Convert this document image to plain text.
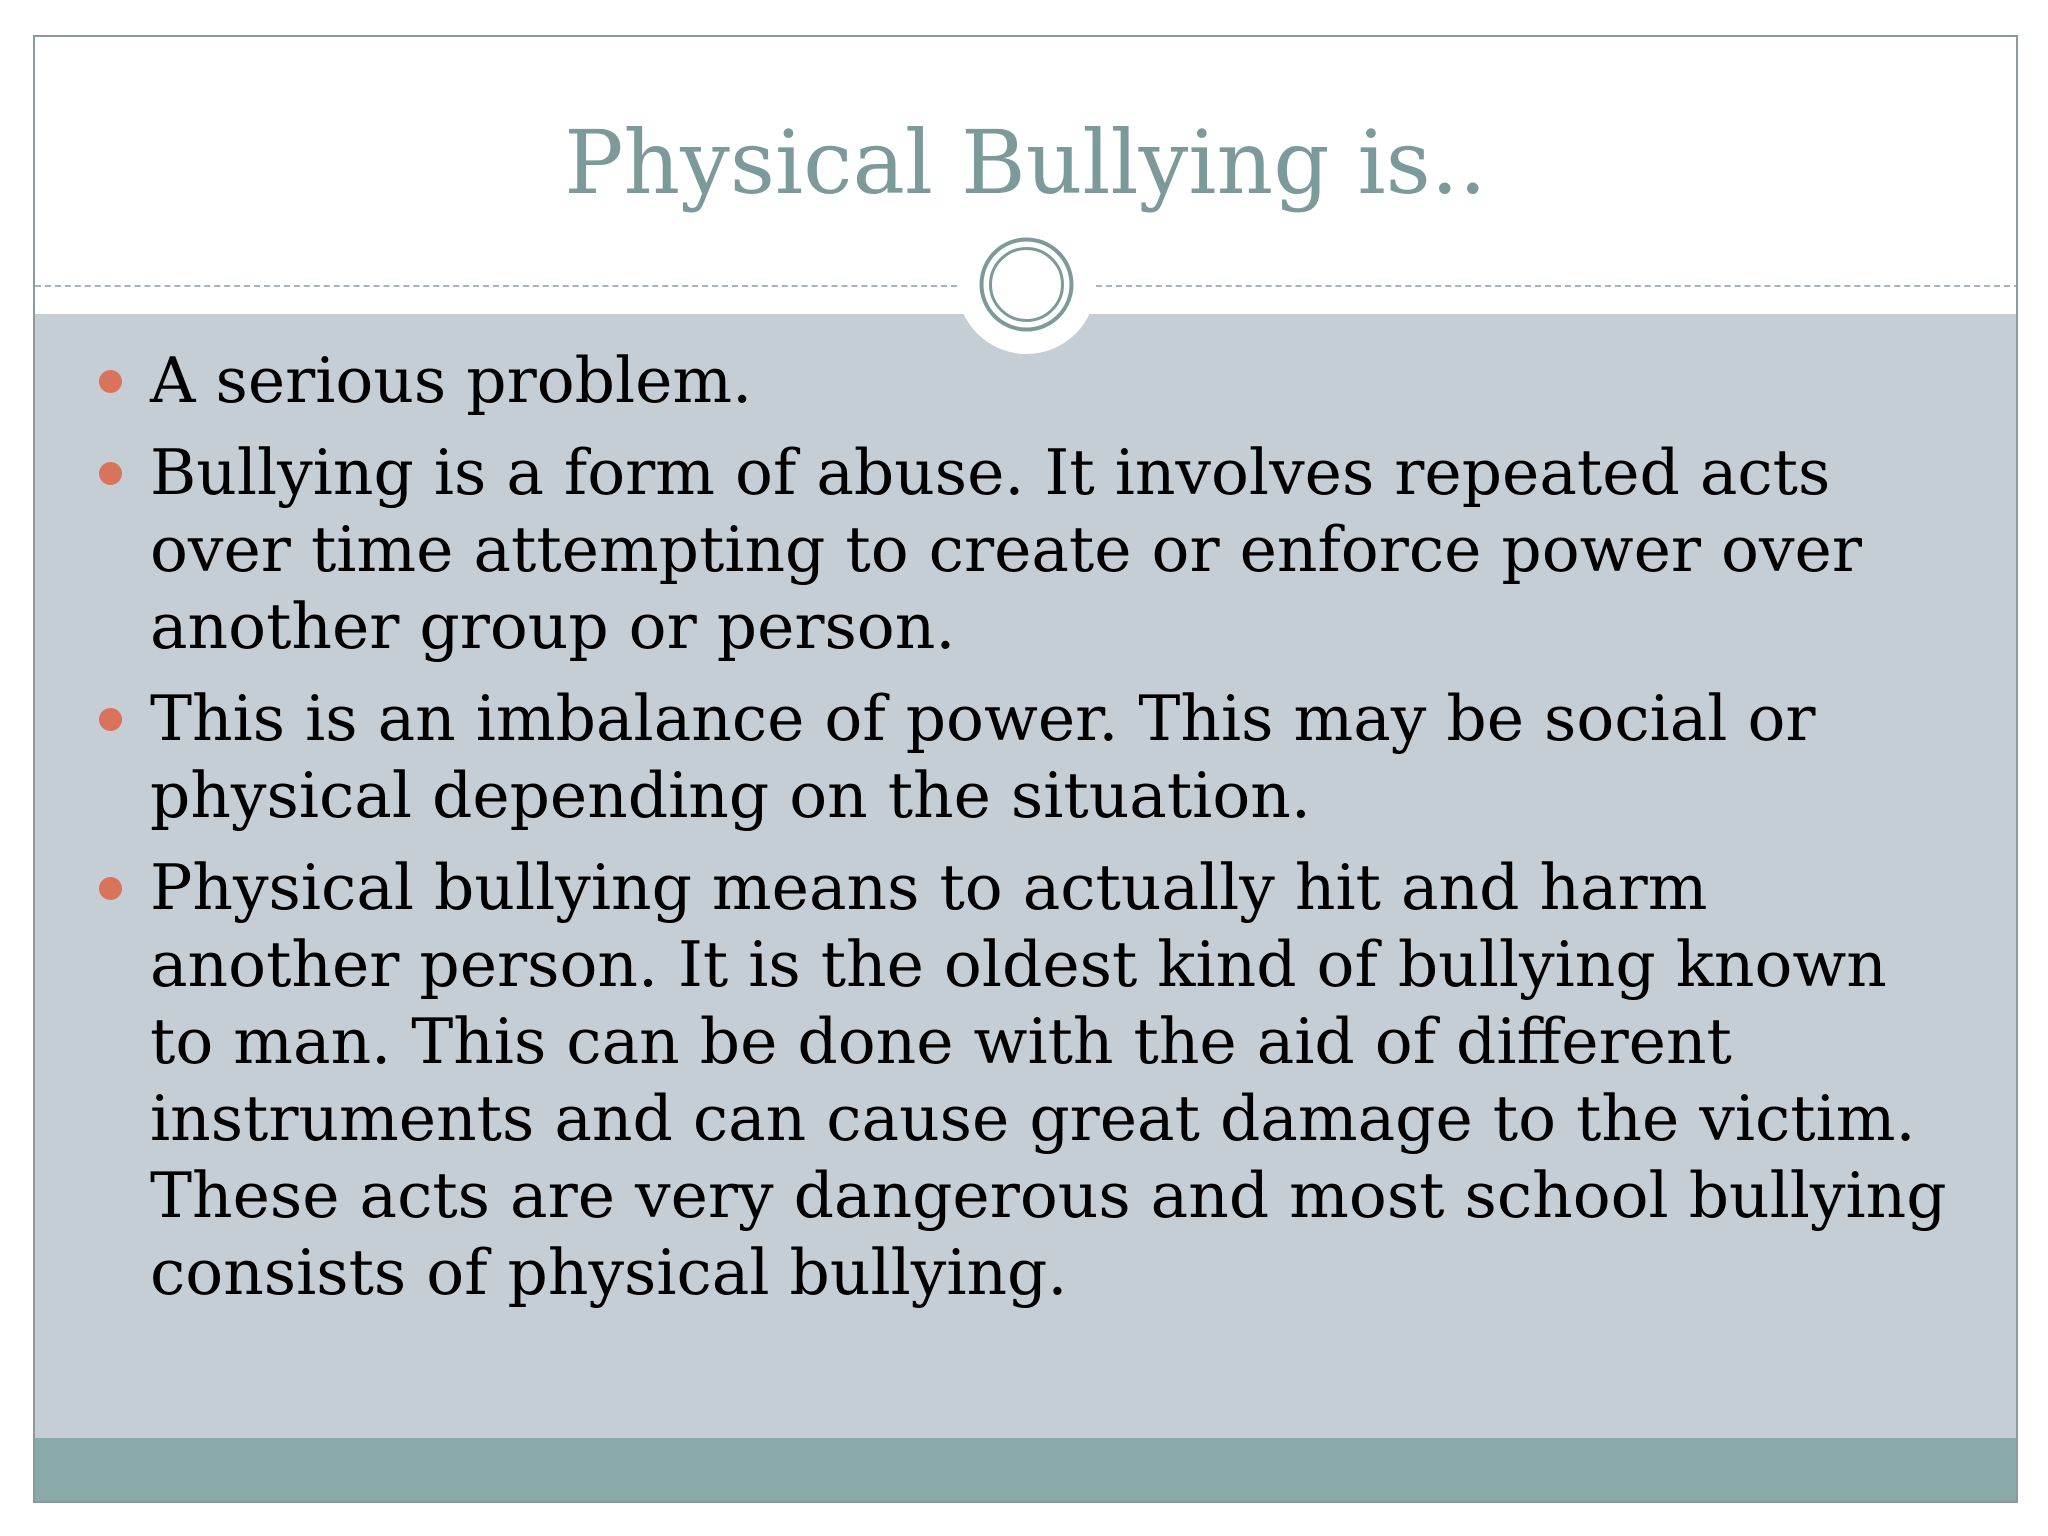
Physical Bullying is..
A serious problem.
Bullying is a form of abuse. It involves repeated acts over time attempting to create or enforce power over another group or person.
This is an imbalance of power. This may be social or physical depending on the situation.
Physical bullying means to actually hit and harm another person. It is the oldest kind of bullying known to man. This can be done with the aid of different instruments and can cause great damage to the victim. These acts are very dangerous and most school bullying consists of physical bullying.
